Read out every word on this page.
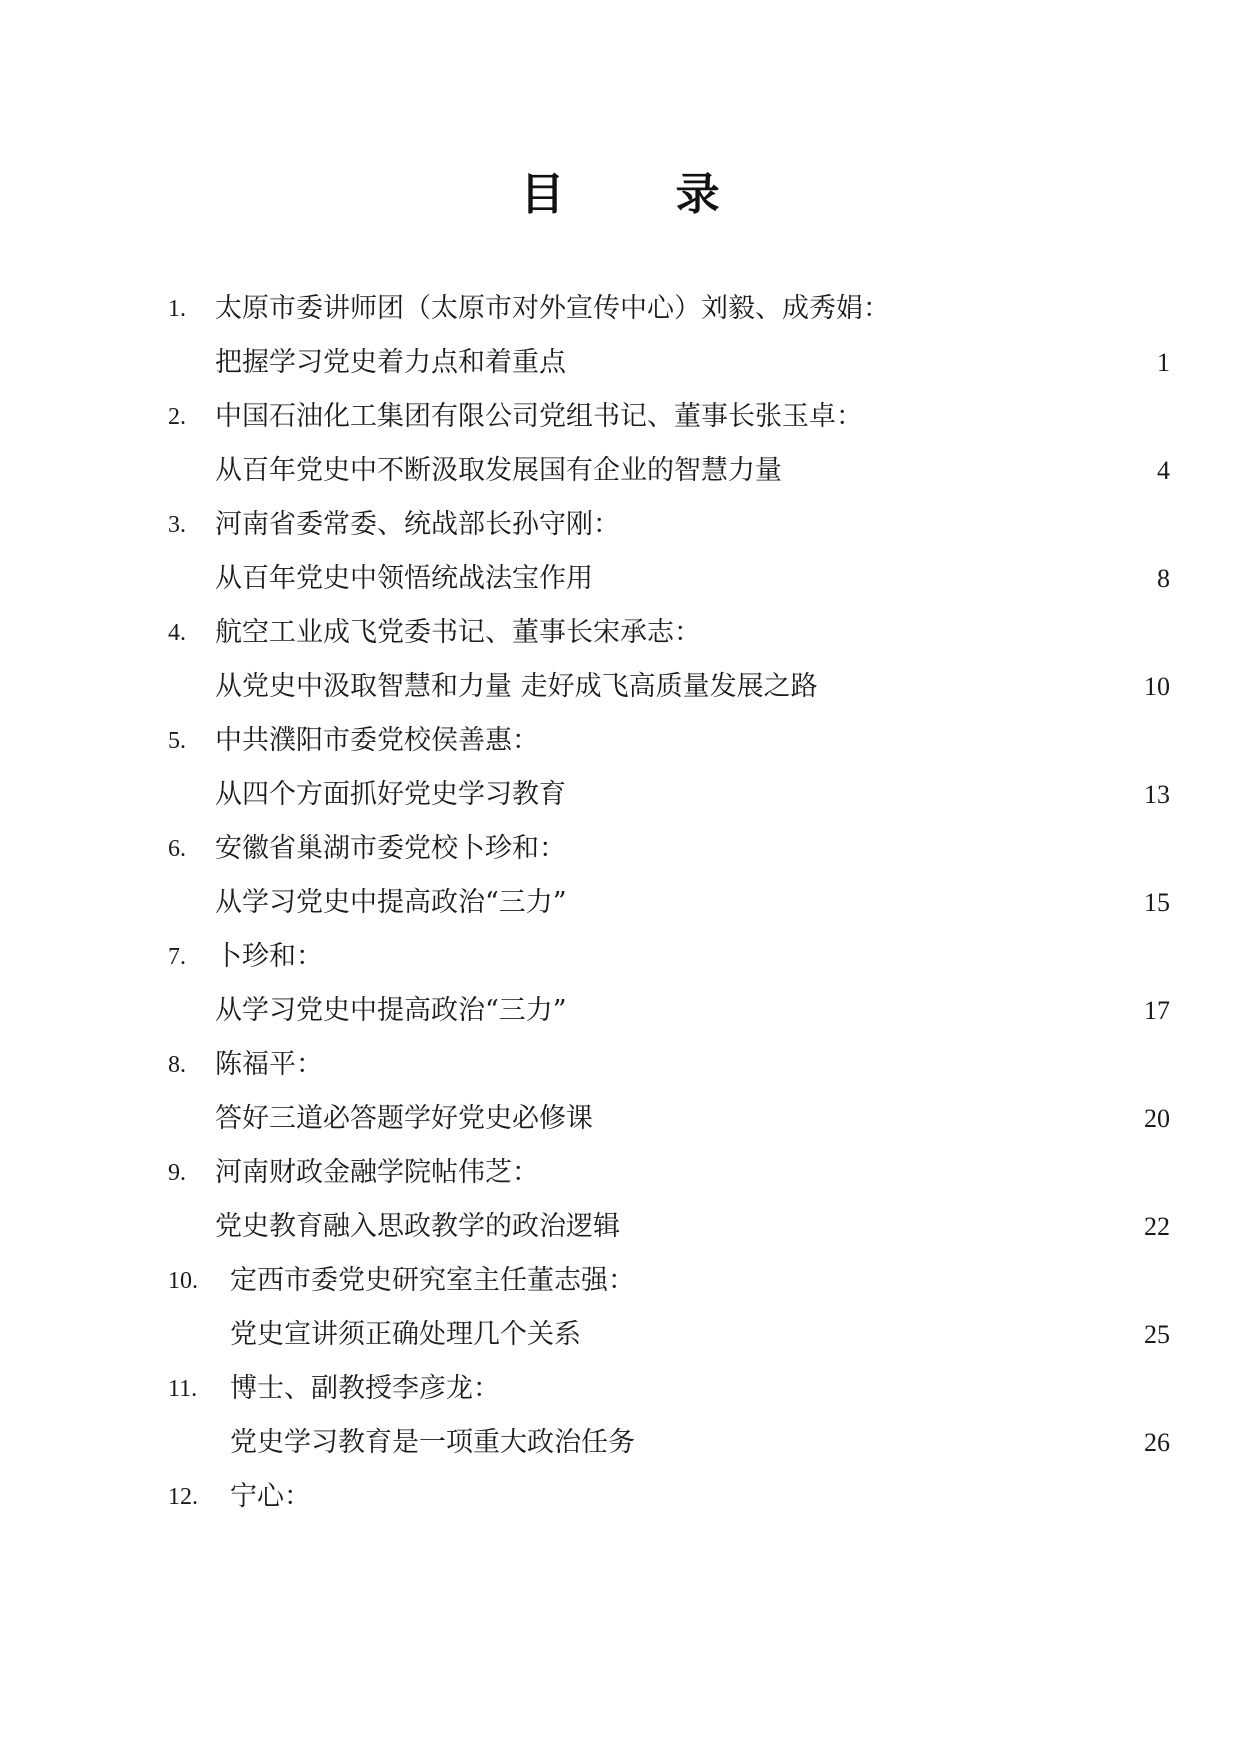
目 录
1. 太原市委讲师团（太原市对外宣传中心）刘毅、成秀娟：
把握学习党史着力点和着重点	1
2. 中国石油化工集团有限公司党组书记、董事长张玉卓：
从百年党史中不断汲取发展国有企业的智慧力量	4
3. 河南省委常委、统战部长孙守刚：
从百年党史中领悟统战法宝作用	8
4. 航空工业成飞党委书记、董事长宋承志：
从党史中汲取智慧和力量 走好成飞高质量发展之路	10
5. 中共濮阳市委党校侯善惠：
从四个方面抓好党史学习教育	13
6. 安徽省巢湖市委党校卜珍和：
从学习党史中提高政治“三力”	15
7. 卜珍和：
从学习党史中提高政治“三力”	17
8. 陈福平：
答好三道必答题学好党史必修课	20
9. 河南财政金融学院帖伟芝：
党史教育融入思政教学的政治逻辑	22
10. 定西市委党史研究室主任董志强：
党史宣讲须正确处理几个关系	25
11. 博士、副教授李彦龙：
党史学习教育是一项重大政治任务	26
12. 宁心：
